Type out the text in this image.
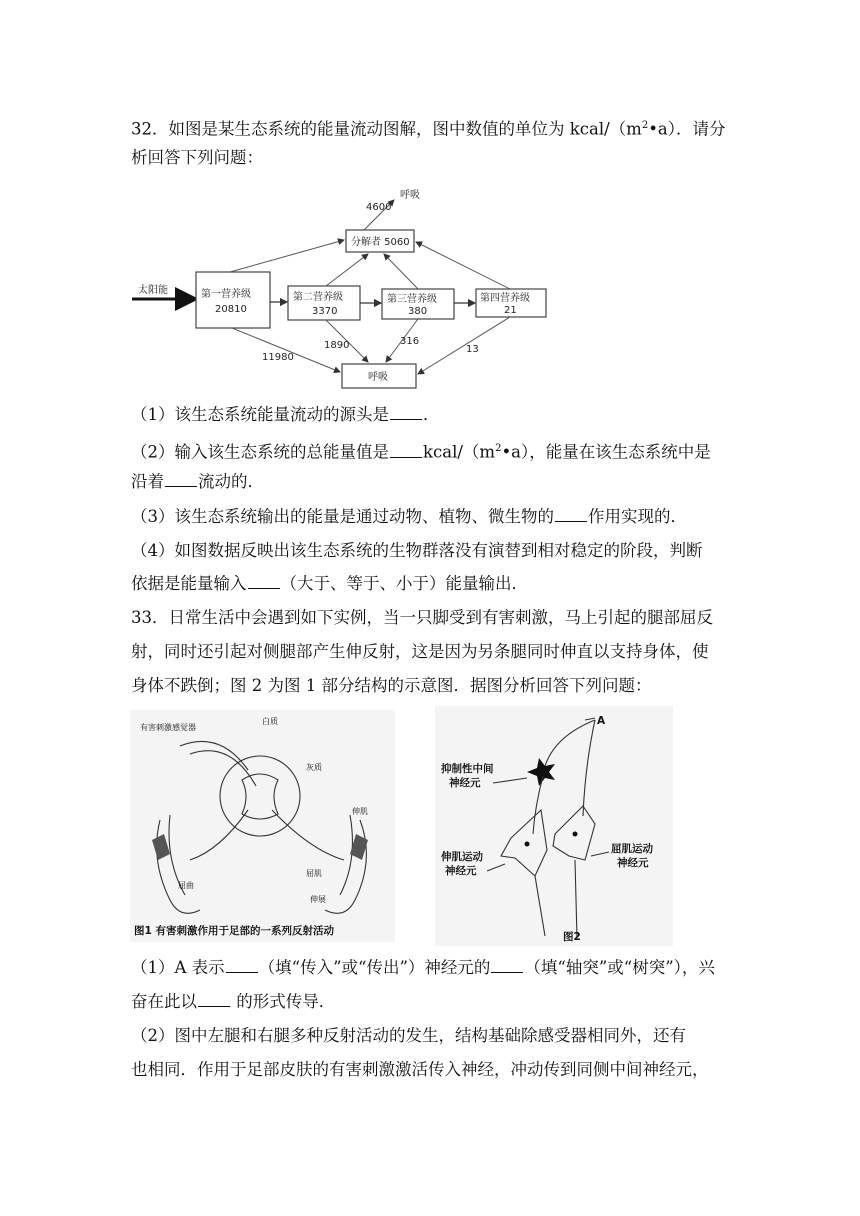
32．如图是某生态系统的能量流动图解，图中数值的单位为 kcal/$(m^2•a)$．请分
析回答下列问题：
太阳能	第一营养级
20810
第二营养级
3370
第三营养级
380
第四营养级
21
分解者 5060
呼吸
呼吸
4600
11980
1890	316
13
（1）该生态系统能量流动的源头是 ．
（2）输入该生态系统的总能量值是 kcal/$(m^2•a)$，能量在该生态系统中是
沿着 流动的．
（3）该生态系统输出的能量是通过动物、植物、微生物的 作用实现的．
（4）如图数据反映出该生态系统的生物群落没有演替到相对稳定的阶段，判断
依据是能量输入 （大于、等于、小于）能量输出．
33．日常生活中会遇到如下实例，当一只脚受到有害刺激，马上引起的腿部屈反
射，同时还引起对侧腿部产生伸反射，这是因为另条腿同时伸直以支持身体，使
身体不跌倒；图 2 为图 1 部分结构的示意图．据图分析回答下列问题：
有害刺激感觉器
白质
灰质
伸肌
屈肌
屈曲
伸展
图1 有害刺激作用于足部的一系列反射活动
A
抑制性中间
神经元
伸肌运动
神经元
屈肌运动
神经元
图2
（1）A 表示 （填“传入”或“传出”）神经元的 （填“轴突”或“树突”），兴
奋在此以 的形式传导．
（2）图中左腿和右腿多种反射活动的发生，结构基础除感受器相同外，还有
也相同．作用于足部皮肤的有害刺激激活传入神经，冲动传到同侧中间神经元，
